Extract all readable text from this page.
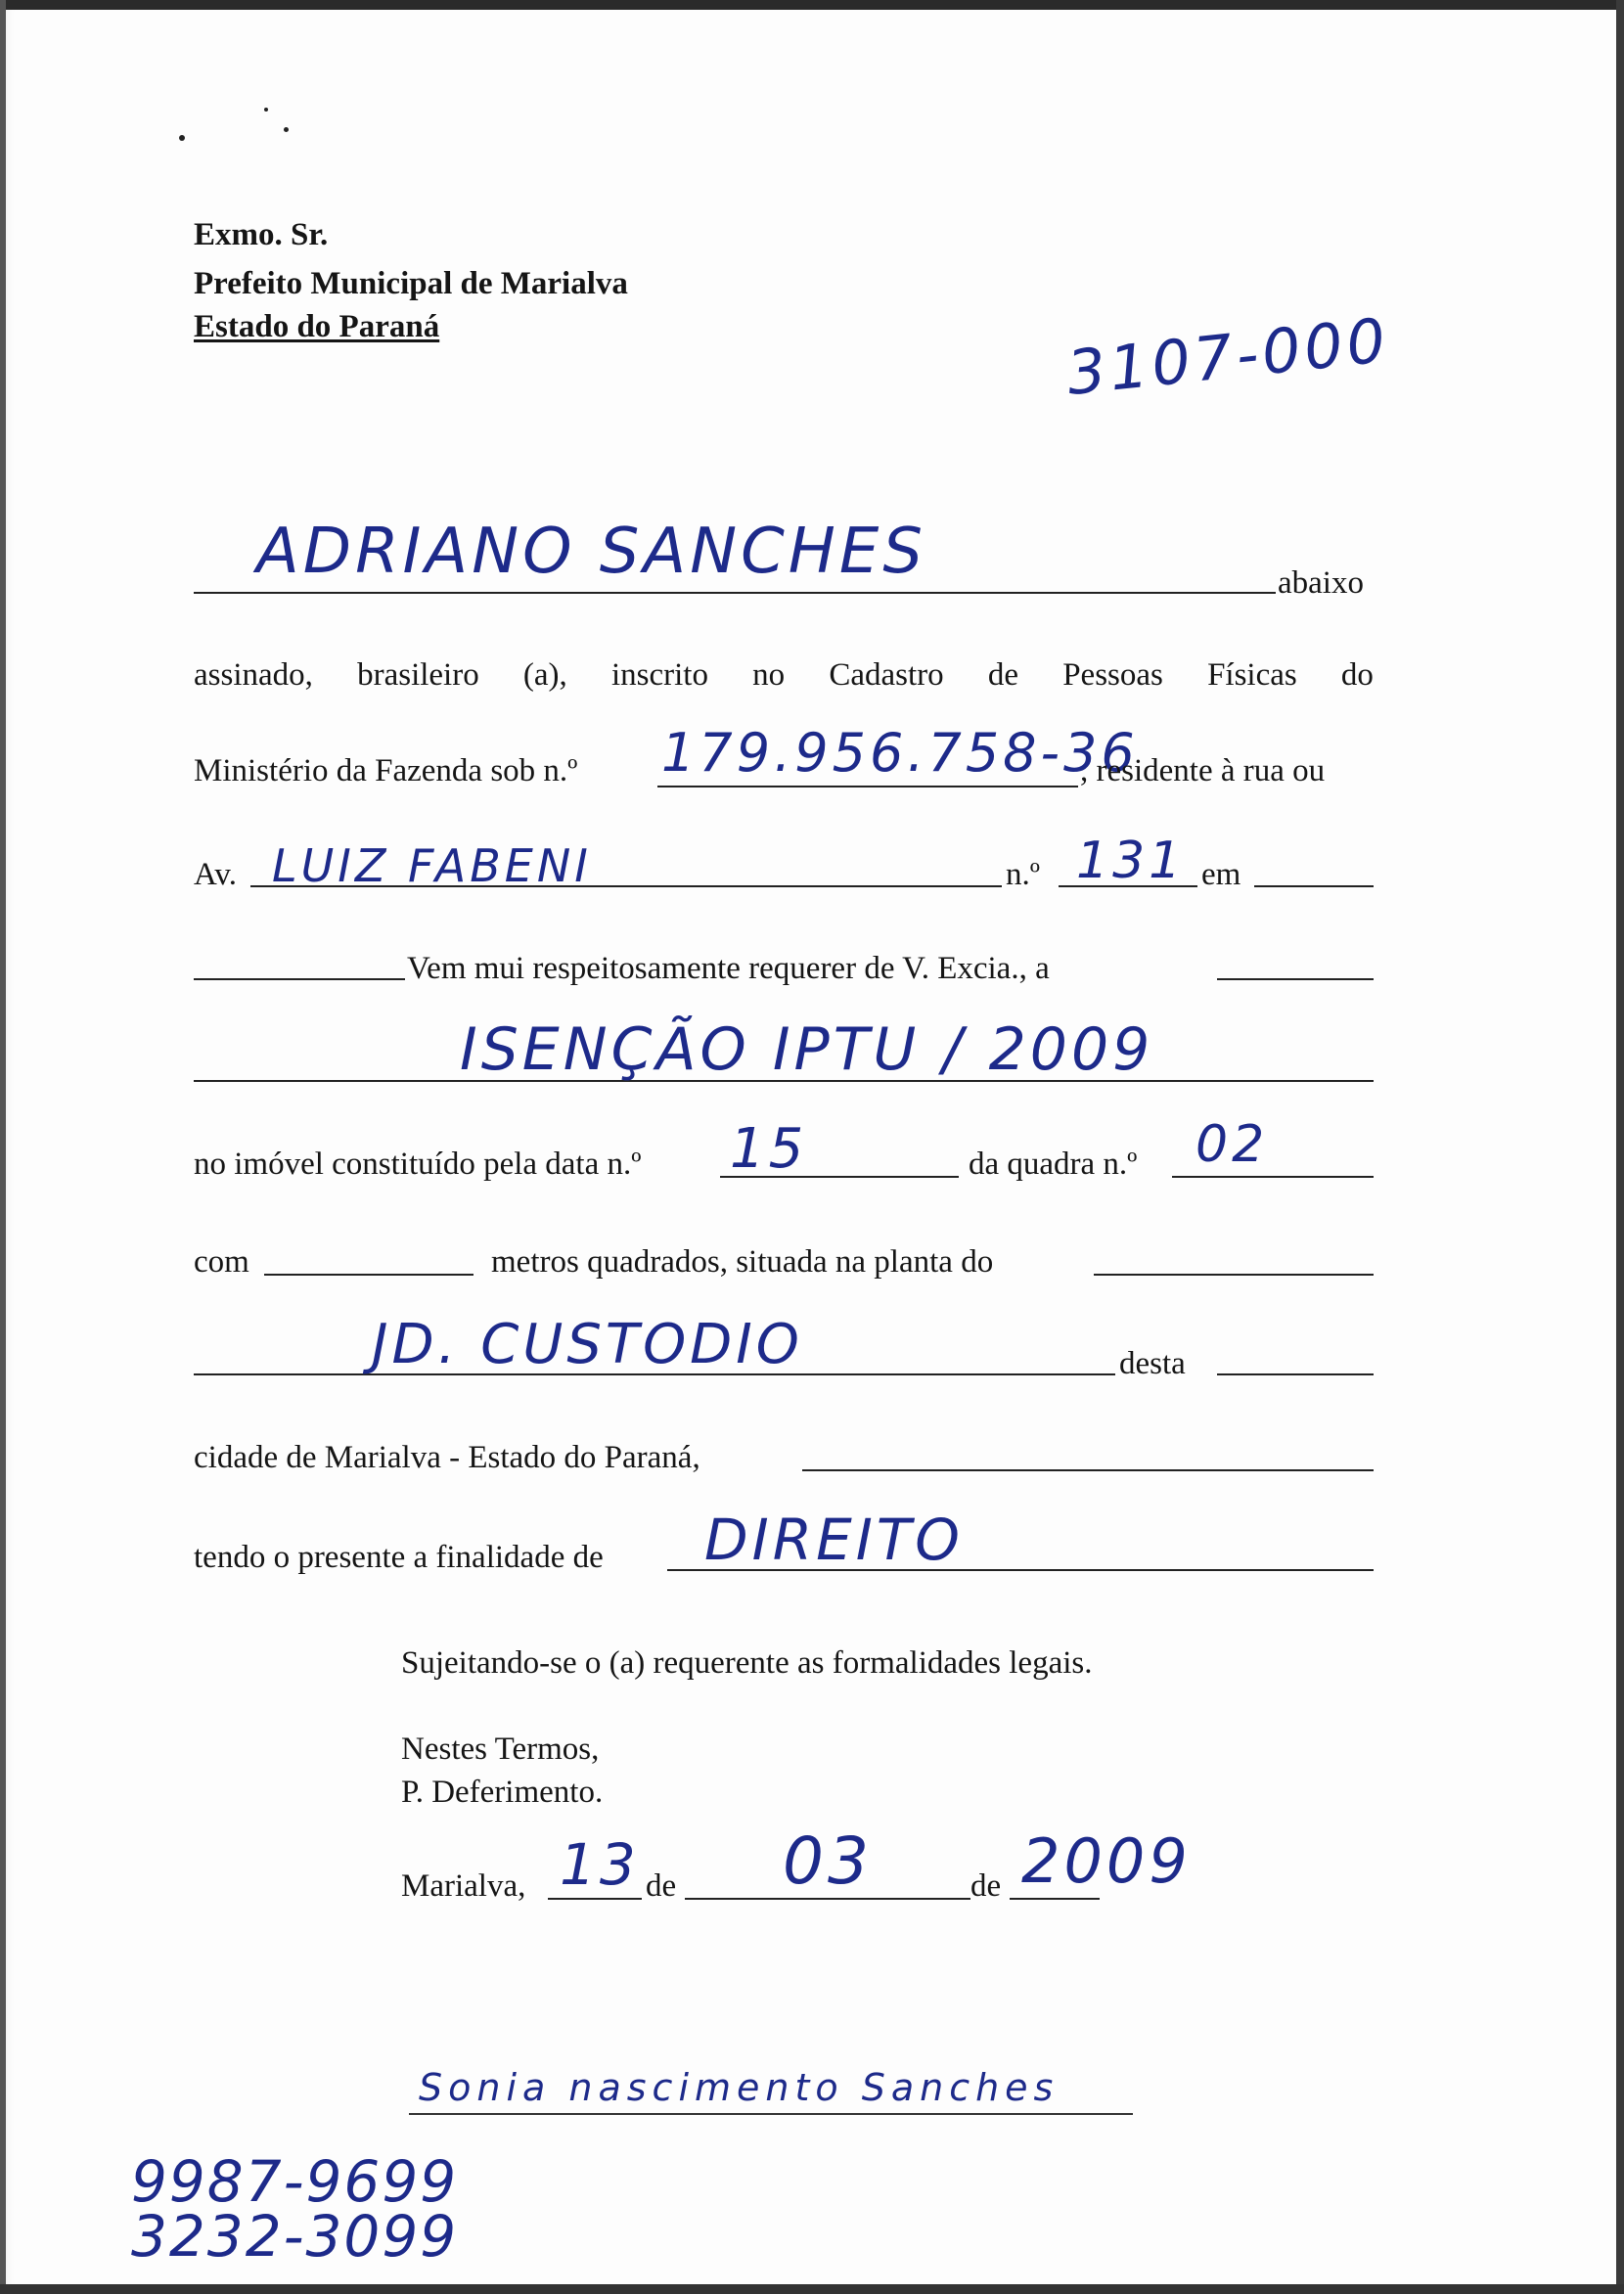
Exmo. Sr.
Prefeito Municipal de Marialva
Estado do Paraná	3107-000
ADRIANO SANCHES	abaixo
assinado, brasileiro (a), inscrito no Cadastro de Pessoas Físicas do
Ministério da Fazenda sob n.º 179.956.758-36
, residente à rua ou
Av. LUIZ FABENI	n.º 131 em
Vem mui respeitosamente requerer de V. Excia., a
ISENÇÃO IPTU / 2009
no imóvel constituído pela data n.º 15	da quadra n.º 02
com	metros quadrados, situada na planta do
JD. CUSTODIO	desta
cidade de Marialva - Estado do Paraná,
tendo o presente a finalidade de DIREITO
Sujeitando-se o (a) requerente as formalidades legais.
Nestes Termos,
P. Deferimento.
Marialva, 13 de 03	de 2009
Sonia nascimento Sanches
9987-9699
3232-3099
